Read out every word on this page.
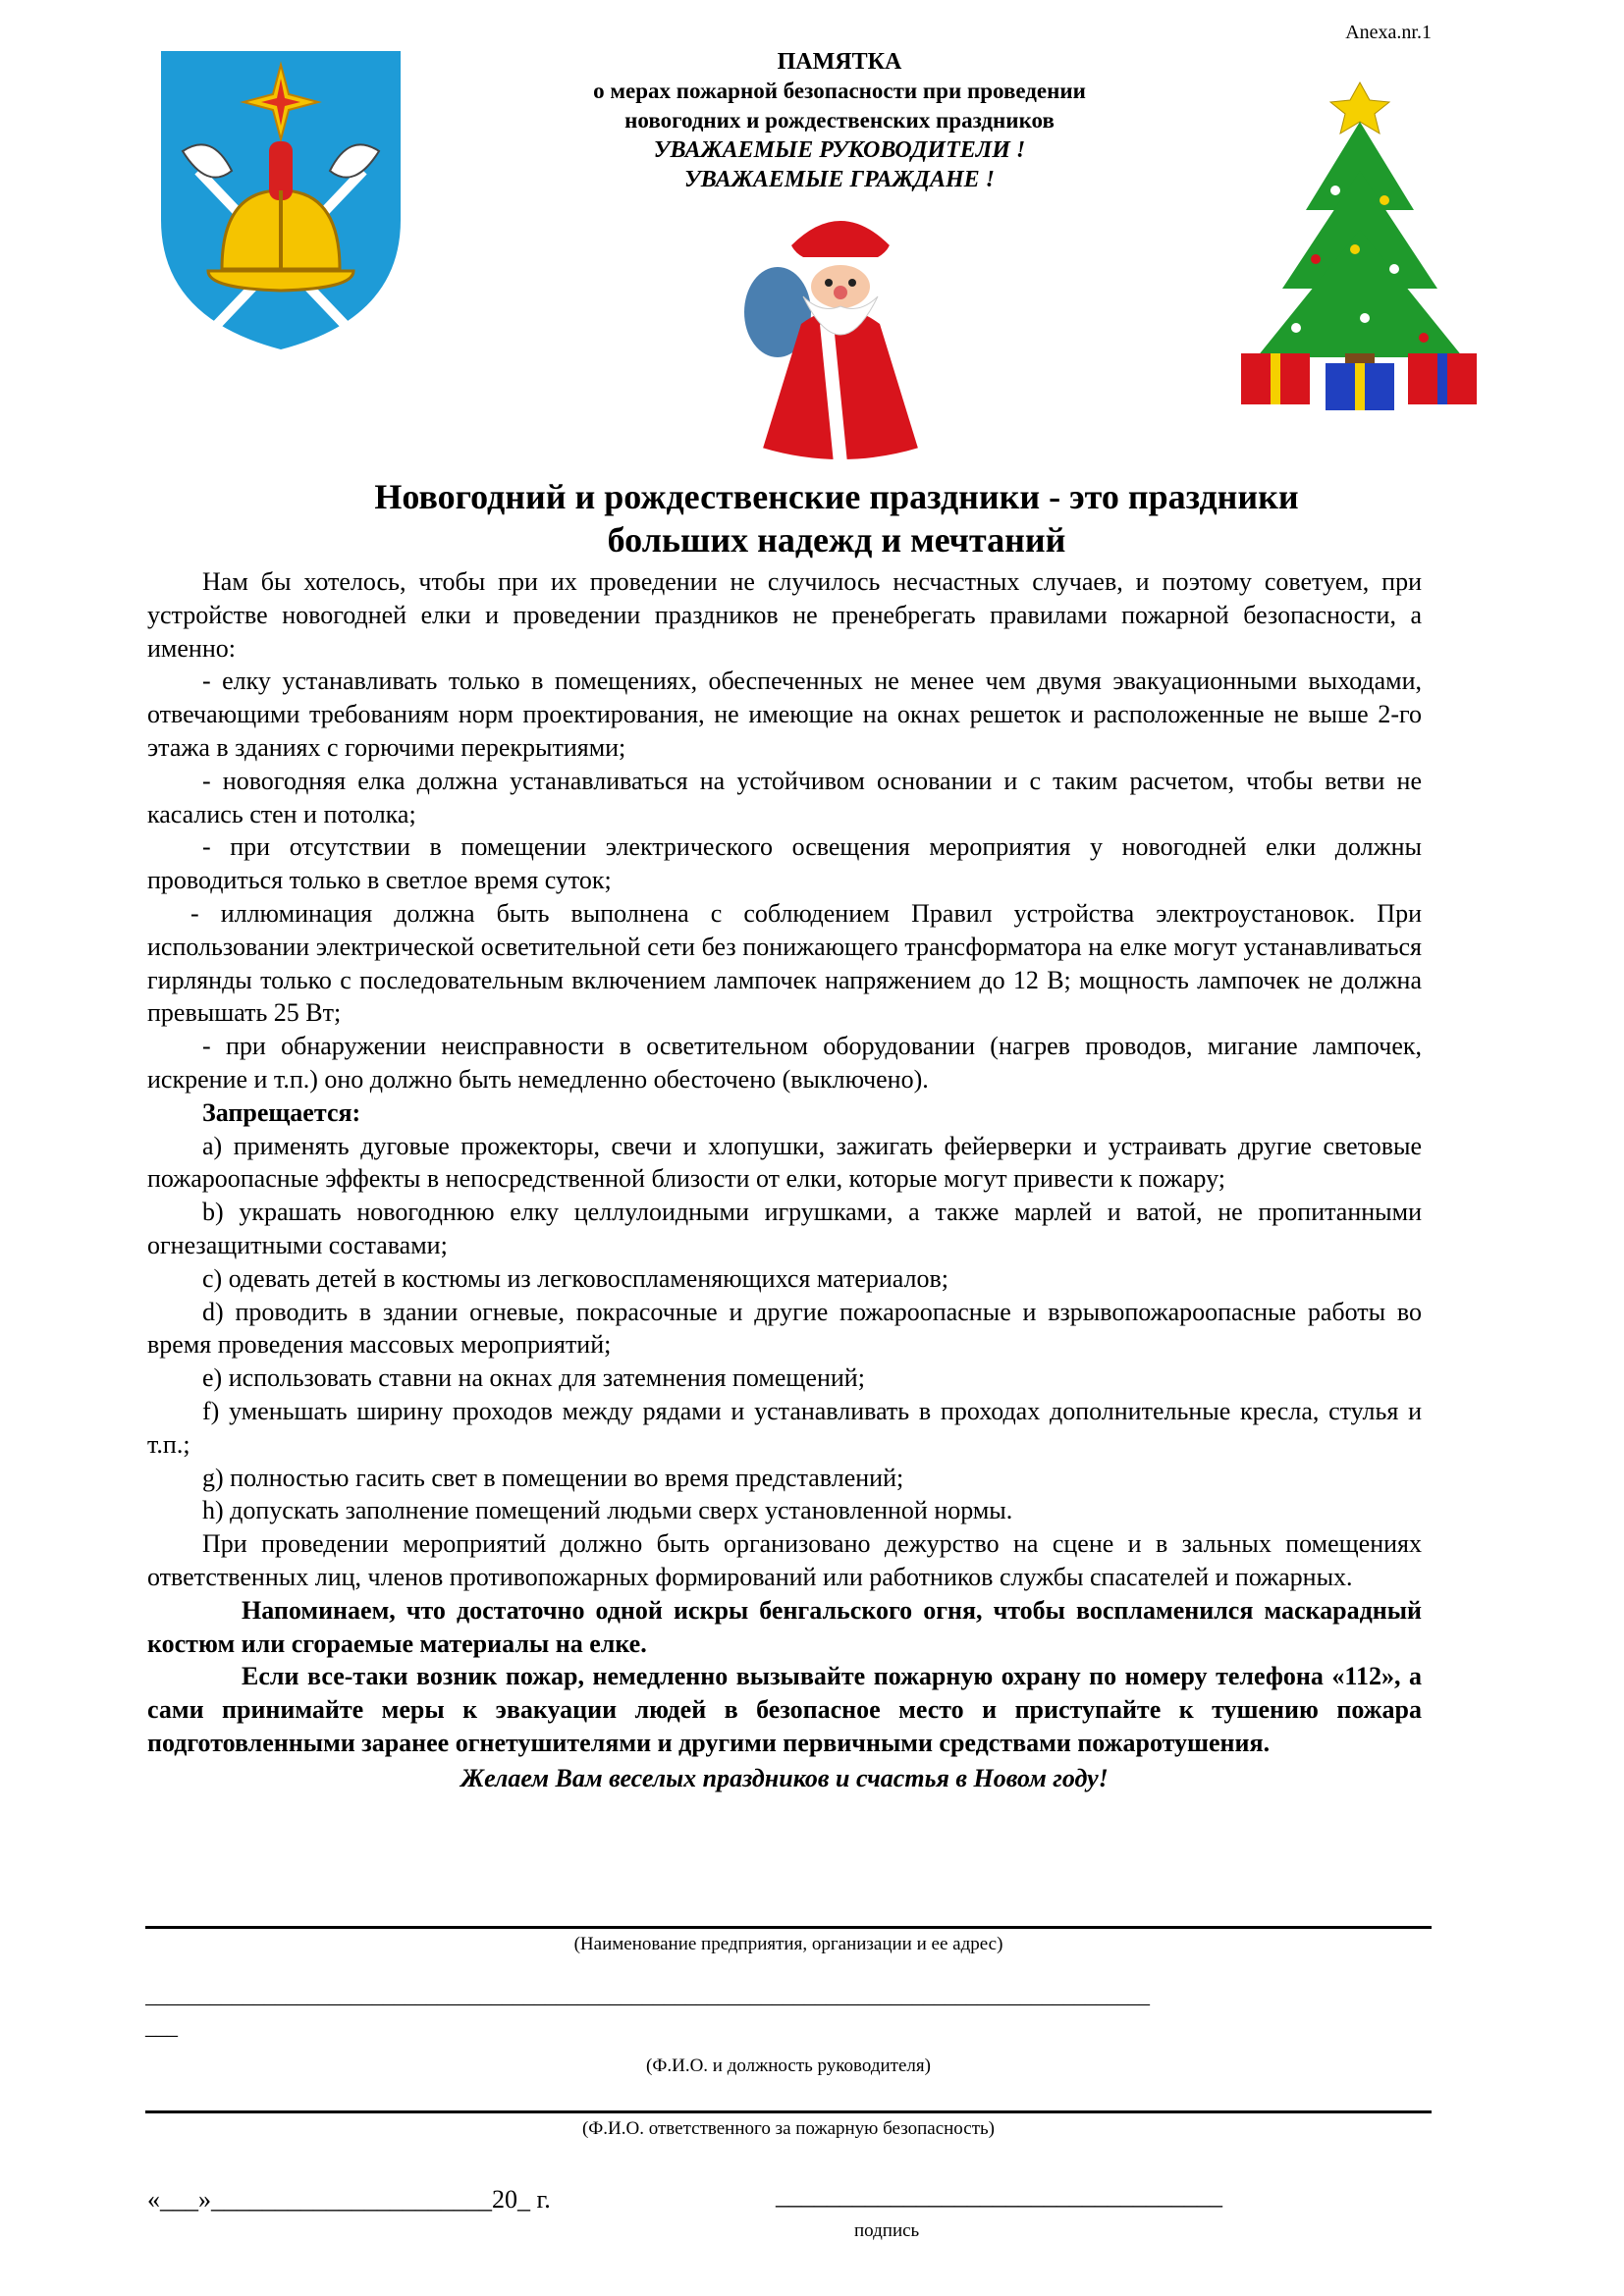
Anexa.nr.1
ПАМЯТКА
о мерах пожарной безопасности при проведении
новогодних и рождественских праздников
УВАЖАЕМЫЕ РУКОВОДИТЕЛИ !
УВАЖАЕМЫЕ ГРАЖДАНЕ !
Новогодний и рождественские праздники - это праздники
больших надежд и мечтаний

Нам бы хотелось, чтобы при их проведении не случилось несчастных случаев, и поэтому советуем, при устройстве новогодней елки и проведении праздников не пренебрегать правилами пожарной безопасности, а именно:

- елку устанавливать только в помещениях, обеспеченных не менее чем двумя эвакуационными выходами, отвечающими требованиям норм проектирования, не имеющие на окнах решеток и расположенные не выше 2-го этажа в зданиях с горючими перекрытиями;

- новогодняя елка должна устанавливаться на устойчивом основании и с таким расчетом, чтобы ветви не касались стен и потолка;

- при отсутствии в помещении электрического освещения мероприятия у новогодней елки должны проводиться только в светлое время суток;

- иллюминация должна быть выполнена с соблюдением Правил устройства электроустановок. При использовании электрической осветительной сети без понижающего трансформатора на елке могут устанавливаться гирлянды только с последовательным включением лампочек напряжением до 12 В; мощность лампочек не должна превышать 25 Вт;

- при обнаружении неисправности в осветительном оборудовании (нагрев проводов, мигание лампочек, искрение и т.п.) оно должно быть немедленно обесточено (выключено).

Запрещается:

а) применять дуговые прожекторы, свечи и хлопушки, зажигать фейерверки и устраивать другие световые пожароопасные эффекты в непосредственной близости от елки, которые могут привести к пожару;

b) украшать новогоднюю елку целлулоидными игрушками, а также марлей и ватой, не пропитанными огнезащитными составами;

c) одевать детей в костюмы из легковоспламеняющихся материалов;

d) проводить в здании огневые, покрасочные и другие пожароопасные и взрывопожароопасные работы во время проведения массовых мероприятий;

e) использовать ставни на окнах для затемнения помещений;

f) уменьшать ширину проходов между рядами и устанавливать в проходах дополнительные кресла, стулья и т.п.;

g) полностью гасить свет в помещении во время представлений;

h) допускать заполнение помещений людьми сверх установленной нормы.

При проведении мероприятий должно быть организовано дежурство на сцене и в зальных помещениях ответственных лиц, членов противопожарных формирований или работников службы спасателей и пожарных.

Напоминаем, что достаточно одной искры бенгальского огня, чтобы воспламенился маскарадный костюм или сгораемые материалы на елке.

Если все-таки возник пожар, немедленно вызывайте пожарную охрану по номеру телефона «112», а сами принимайте меры к эвакуации людей в безопасное место и приступайте к тушению пожара подготовленными заранее огнетушителями и другими первичными средствами пожаротушения.

Желаем Вам веселых праздников и счастья в Новом году!

(Наименование предприятия, организации и ее адрес)
_____________________________________________________________________________________________
___
(Ф.И.О. и должность руководителя)
(Ф.И.О. ответственного за пожарную безопасность)
«___»______________________20_ г.	___________________________________
подпись
